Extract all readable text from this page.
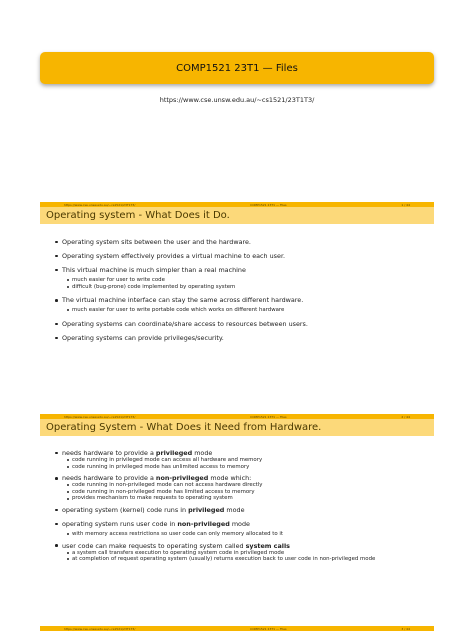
COMP1521 23T1 — Files
https://www.cse.unsw.edu.au/~cs1521/23T1T3/
https://www.cse.unsw.edu.au/~cs1521/23T1T3/	COMP1521 23T1 — Files	1 / 44
Operating system - What Does it Do.
Operating system sits between the user and the hardware.
Operating system effectively provides a virtual machine to each user.
This virtual machine is much simpler than a real machine
much easier for user to write code
difficult (bug-prone) code implemented by operating system
The virtual machine interface can stay the same across different hardware.
much easier for user to write portable code which works on different hardware
Operating systems can coordinate/share access to resources between users.
Operating systems can provide privileges/security.
https://www.cse.unsw.edu.au/~cs1521/23T1T3/	COMP1521 23T1 — Files	2 / 44
Operating System - What Does it Need from Hardware.
needs hardware to provide a privileged mode
code running in privileged mode can access all hardware and memory
code running in privileged mode has unlimited access to memory
needs hardware to provide a non-privileged mode which:
code running in non-privileged mode can not access hardware directly
code running in non-privileged mode has limited access to memory
provides mechanism to make requests to operating system
operating system (kernel) code runs in privileged mode
operating system runs user code in non-privileged mode
with memory access restrictions so user code can only memory allocated to it
user code can make requests to operating system called system calls
a system call transfers execution to operating system code in privileged mode
at completion of request operating system (usually) returns execution back to user code in non-privileged mode
https://www.cse.unsw.edu.au/~cs1521/23T1T3/	COMP1521 23T1 — Files	3 / 44
